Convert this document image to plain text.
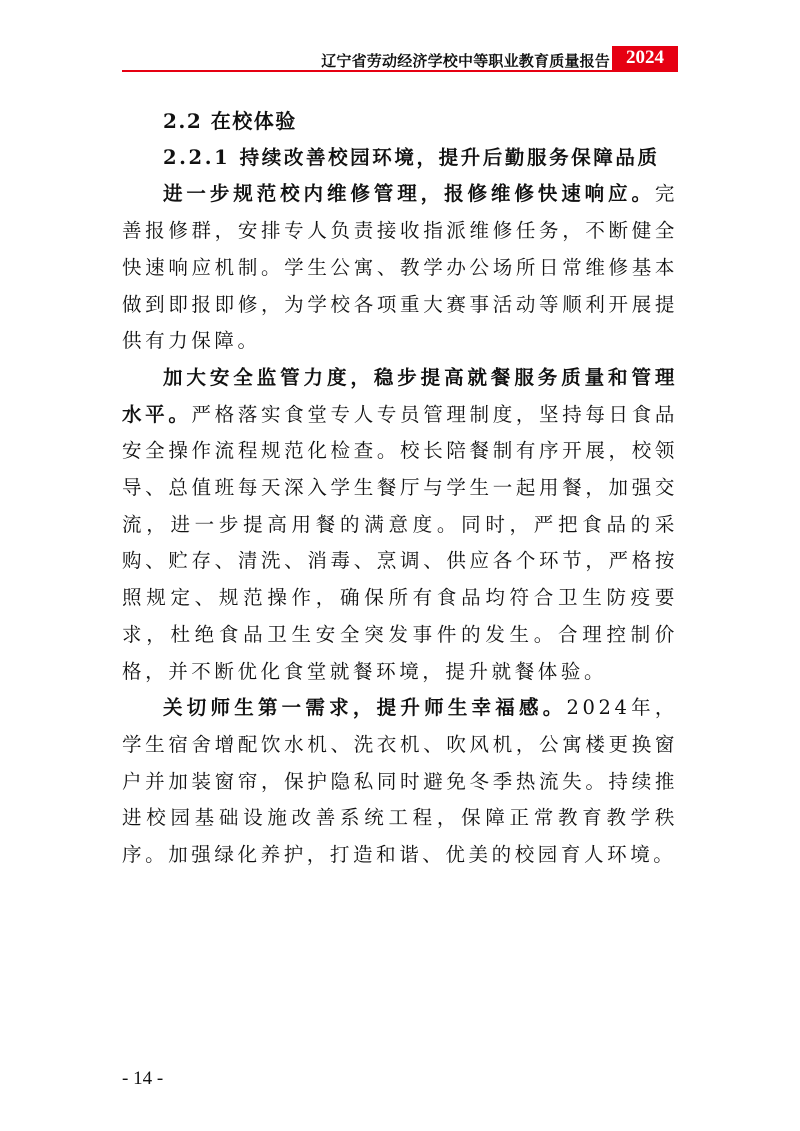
辽宁省劳动经济学校中等职业教育质量报告 2024

2.2 在校体验

2.2.1 持续改善校园环境，提升后勤服务保障品质

进一步规范校内维修管理，报修维修快速响应。完善报修群，安排专人负责接收指派维修任务，不断健全快速响应机制。学生公寓、教学办公场所日常维修基本做到即报即修，为学校各项重大赛事活动等顺利开展提供有力保障。

加大安全监管力度，稳步提高就餐服务质量和管理水平。严格落实食堂专人专员管理制度，坚持每日食品安全操作流程规范化检查。校长陪餐制有序开展，校领导、总值班每天深入学生餐厅与学生一起用餐，加强交流，进一步提高用餐的满意度。同时，严把食品的采购、贮存、清洗、消毒、烹调、供应各个环节，严格按照规定、规范操作，确保所有食品均符合卫生防疫要求，杜绝食品卫生安全突发事件的发生。合理控制价格，并不断优化食堂就餐环境，提升就餐体验。

关切师生第一需求，提升师生幸福感。2024年，学生宿舍增配饮水机、洗衣机、吹风机，公寓楼更换窗户并加装窗帘，保护隐私同时避免冬季热流失。持续推进校园基础设施改善系统工程，保障正常教育教学秩序。加强绿化养护，打造和谐、优美的校园育人环境。

- 14 -
